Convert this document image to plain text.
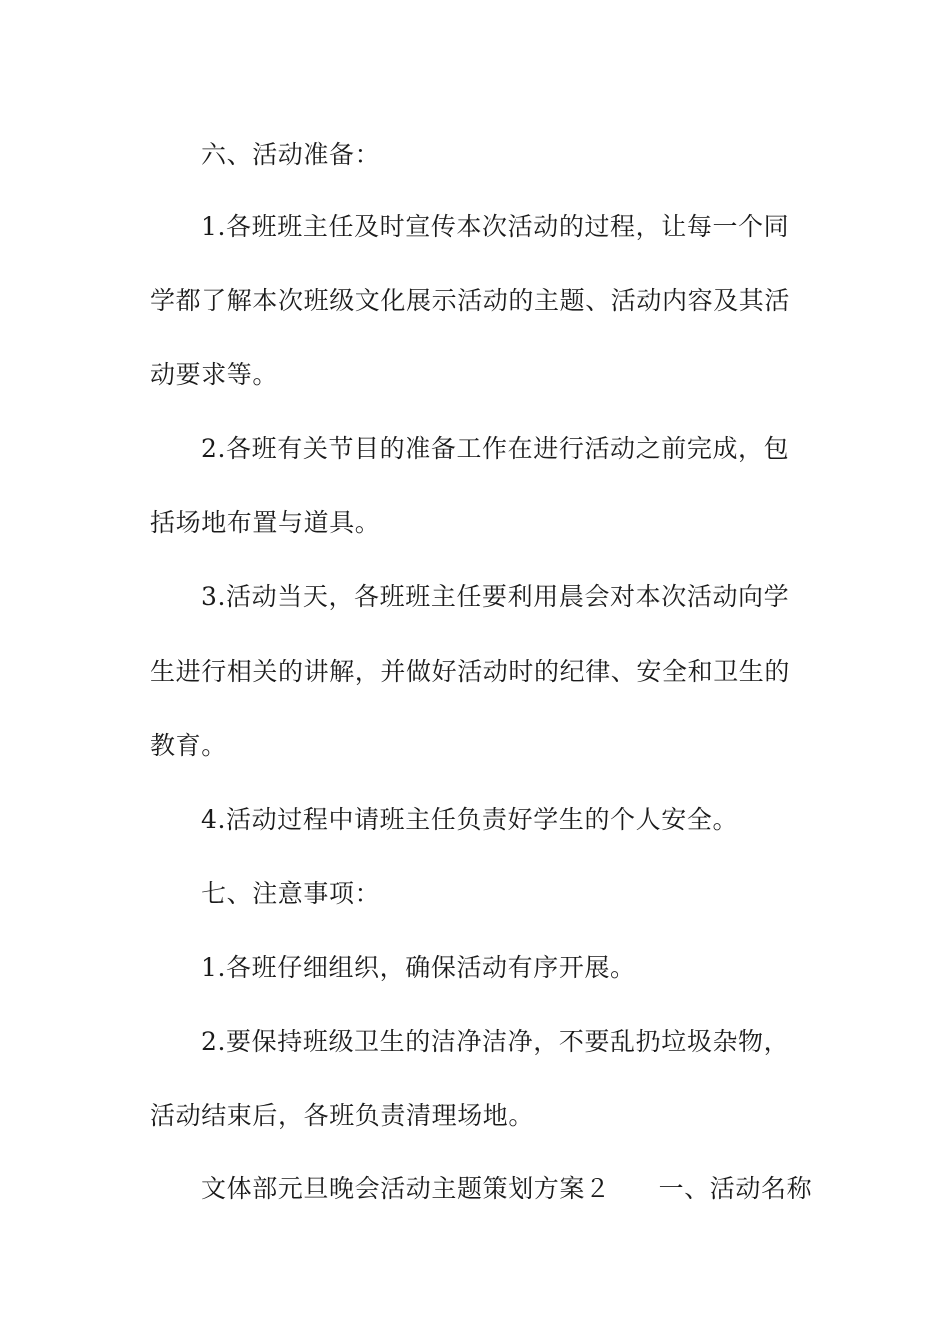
六、活动准备：
1.各班班主任及时宣传本次活动的过程，让每一个同
学都了解本次班级文化展示活动的主题、活动内容及其活
动要求等。
2.各班有关节目的准备工作在进行活动之前完成，包
括场地布置与道具。
3.活动当天，各班班主任要利用晨会对本次活动向学
生进行相关的讲解，并做好活动时的纪律、安全和卫生的
教育。
4.活动过程中请班主任负责好学生的个人安全。
七、注意事项：
1.各班仔细组织，确保活动有序开展。
2.要保持班级卫生的洁净洁净，不要乱扔垃圾杂物，
活动结束后，各班负责清理场地。
文体部元旦晚会活动主题策划方案２ 一、活动名称
